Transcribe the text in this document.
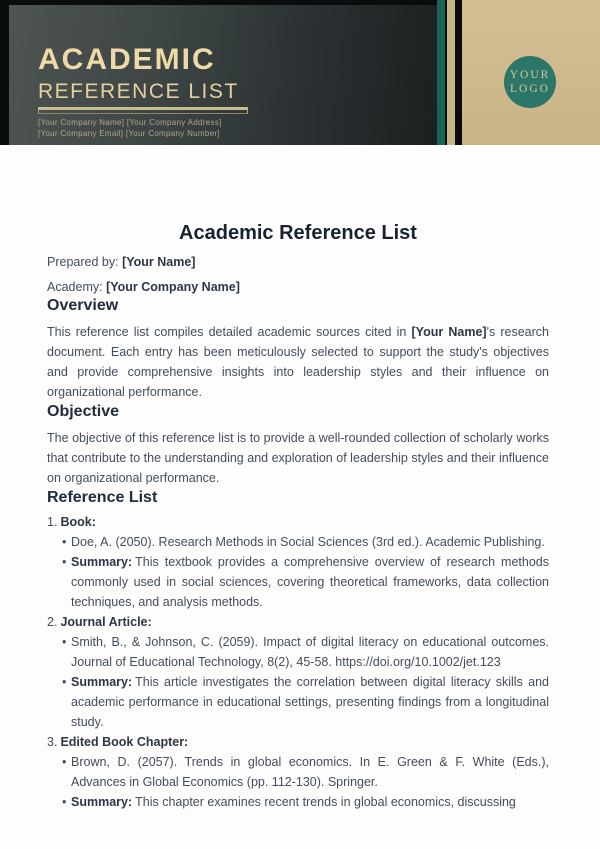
ACADEMIC
REFERENCE LIST
[Your Company Name] [Your Company Address]
[Your Company Email] [Your Company Number]
YOUR
LOGO
Academic Reference List
Prepared by: [Your Name]
Academy: [Your Company Name]
Overview
This reference list compiles detailed academic sources cited in [Your Name]'s research document. Each entry has been meticulously selected to support the study's objectives and provide comprehensive insights into leadership styles and their influence on organizational performance.
Objective
The objective of this reference list is to provide a well-rounded collection of scholarly works that contribute to the understanding and exploration of leadership styles and their influence on organizational performance.
Reference List
1. Book:
• Doe, A. (2050). Research Methods in Social Sciences (3rd ed.). Academic Publishing.
• Summary: This textbook provides a comprehensive overview of research methods commonly used in social sciences, covering theoretical frameworks, data collection techniques, and analysis methods.
2. Journal Article:
• Smith, B., & Johnson, C. (2059). Impact of digital literacy on educational outcomes. Journal of Educational Technology, 8(2), 45-58. https://doi.org/10.1002/jet.123
• Summary: This article investigates the correlation between digital literacy skills and academic performance in educational settings, presenting findings from a longitudinal study.
3. Edited Book Chapter:
• Brown, D. (2057). Trends in global economics. In E. Green & F. White (Eds.), Advances in Global Economics (pp. 112-130). Springer.
• Summary: This chapter examines recent trends in global economics, discussing
